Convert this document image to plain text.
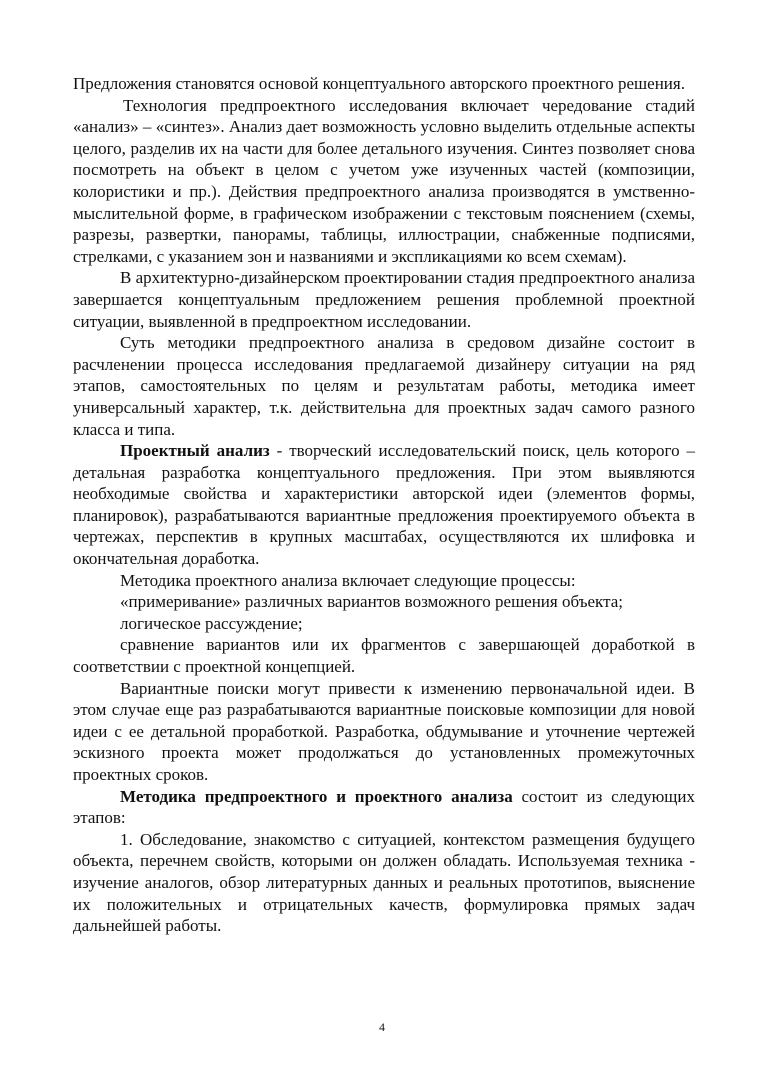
Предложения становятся основой концептуального авторского проектного решения.

Технология предпроектного исследования включает чередование стадий «анализ» – «синтез». Анализ дает возможность условно выделить отдельные аспекты целого, разделив их на части для более детального изучения. Синтез позволяет снова посмотреть на объект в целом с учетом уже изученных частей (композиции, колористики и пр.). Действия предпроектного анализа производятся в умственно-мыслительной форме, в графическом изображении с текстовым пояснением (схемы, разрезы, развертки, панорамы, таблицы, иллюстрации, снабженные подписями, стрелками, с указанием зон и названиями и экспликациями ко всем схемам).

В архитектурно-дизайнерском проектировании стадия предпроектного анализа завершается концептуальным предложением решения проблемной проектной ситуации, выявленной в предпроектном исследовании.

Суть методики предпроектного анализа в средовом дизайне состоит в расчленении процесса исследования предлагаемой дизайнеру ситуации на ряд этапов, самостоятельных по целям и результатам работы, методика имеет универсальный характер, т.к. действительна для проектных задач самого разного класса и типа.

Проектный анализ - творческий исследовательский поиск, цель которого – детальная разработка концептуального предложения. При этом выявляются необходимые свойства и характеристики авторской идеи (элементов формы, планировок), разрабатываются вариантные предложения проектируемого объекта в чертежах, перспектив в крупных масштабах, осуществляются их шлифовка и окончательная доработка.

Методика проектного анализа включает следующие процессы:

«примеривание» различных вариантов возможного решения объекта;

логическое рассуждение;

сравнение вариантов или их фрагментов с завершающей доработкой в соответствии с проектной концепцией.

Вариантные поиски могут привести к изменению первоначальной идеи. В этом случае еще раз разрабатываются вариантные поисковые композиции для новой идеи с ее детальной проработкой. Разработка, обдумывание и уточнение чертежей эскизного проекта может продолжаться до установленных промежуточных проектных сроков.

Методика предпроектного и проектного анализа состоит из следующих этапов:

1. Обследование, знакомство с ситуацией, контекстом размещения будущего объекта, перечнем свойств, которыми он должен обладать. Используемая техника - изучение аналогов, обзор литературных данных и реальных прототипов, выяснение их положительных и отрицательных качеств, формулировка прямых задач дальнейшей работы.

4
